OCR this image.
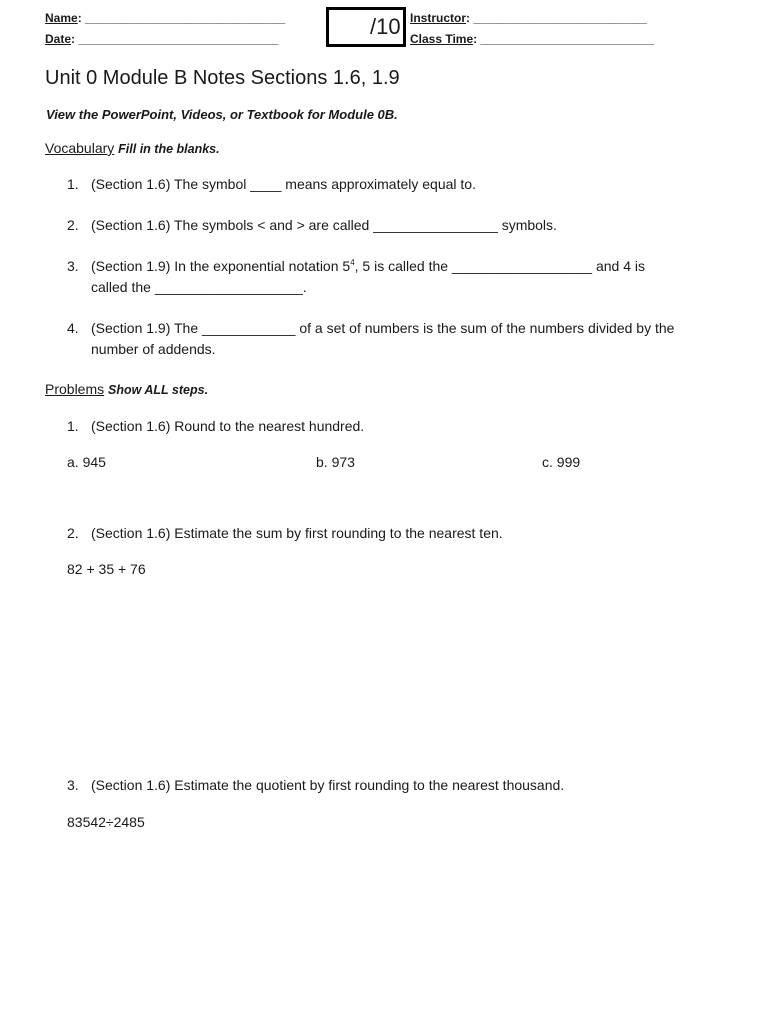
Name: ______________________________
Date: ______________________________	/10 Instructor: __________________________
Class Time: __________________________
Unit 0 Module B Notes Sections 1.6, 1.9
View the PowerPoint, Videos, or Textbook for Module 0B.
Vocabulary Fill in the blanks.
1. (Section 1.6) The symbol ____ means approximately equal to.
2. (Section 1.6) The symbols < and > are called ________________ symbols.
3. (Section 1.9) In the exponential notation $5^4$, 5 is called the __________________ and 4 is
called the ___________________.
4. (Section 1.9) The ____________ of a set of numbers is the sum of the numbers divided by the
number of addends.
Problems Show ALL steps.
1. (Section 1.6) Round to the nearest hundred.
a. 945	b. 973	c. 999
2. (Section 1.6) Estimate the sum by first rounding to the nearest ten.
82 + 35 + 76
3. (Section 1.6) Estimate the quotient by first rounding to the nearest thousand.
83542÷2485
